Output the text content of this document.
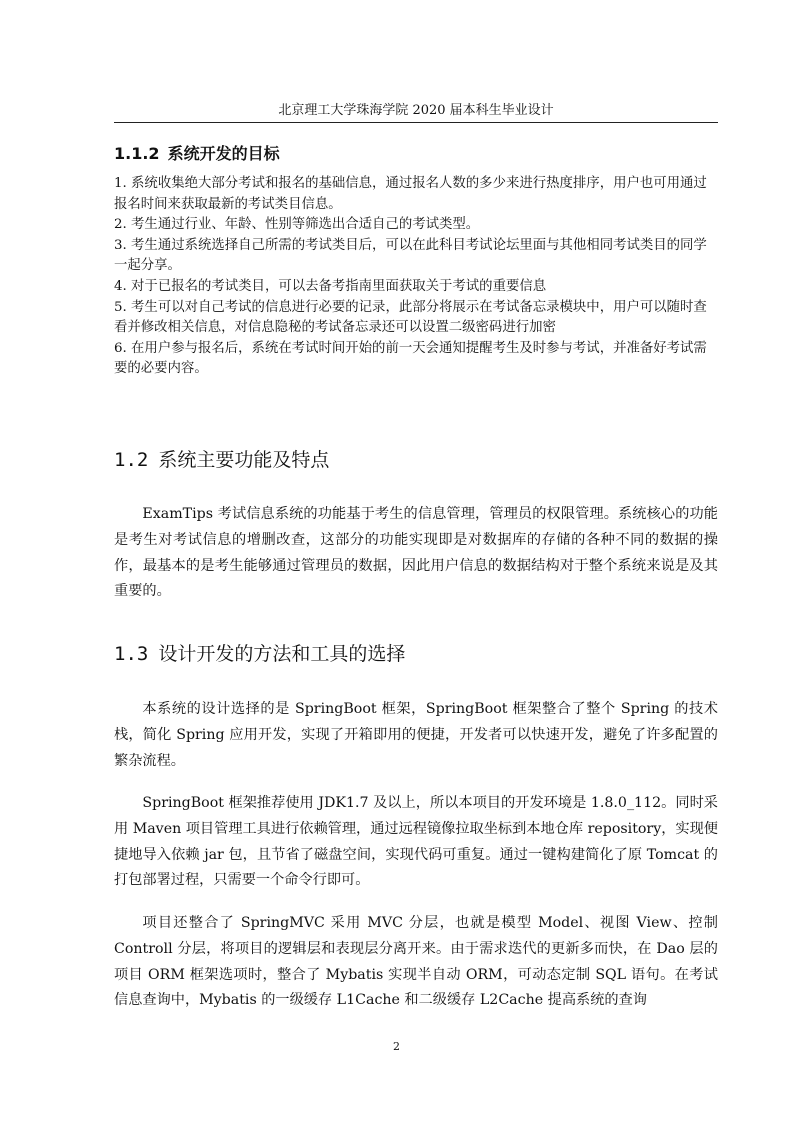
北京理工大学珠海学院 2020 届本科生毕业设计
1.1.2 系统开发的目标
1. 系统收集绝大部分考试和报名的基础信息，通过报名人数的多少来进行热度排序，用户也可用通过报名时间来获取最新的考试类目信息。
2. 考生通过行业、年龄、性别等筛选出合适自己的考试类型。
3. 考生通过系统选择自己所需的考试类目后，可以在此科目考试论坛里面与其他相同考试类目的同学一起分享。
4. 对于已报名的考试类目，可以去备考指南里面获取关于考试的重要信息
5. 考生可以对自己考试的信息进行必要的记录，此部分将展示在考试备忘录模块中，用户可以随时查看并修改相关信息，对信息隐秘的考试备忘录还可以设置二级密码进行加密
6. 在用户参与报名后，系统在考试时间开始的前一天会通知提醒考生及时参与考试，并准备好考试需要的必要内容。
1.2 系统主要功能及特点

ExamTips 考试信息系统的功能基于考生的信息管理，管理员的权限管理。系统核心的功能是考生对考试信息的增删改查，这部分的功能实现即是对数据库的存储的各种不同的数据的操作，最基本的是考生能够通过管理员的数据，因此用户信息的数据结构对于整个系统来说是及其重要的。

1.3 设计开发的方法和工具的选择

本系统的设计选择的是 SpringBoot 框架，SpringBoot 框架整合了整个 Spring 的技术栈，简化 Spring 应用开发，实现了开箱即用的便捷，开发者可以快速开发，避免了许多配置的繁杂流程。

SpringBoot 框架推荐使用 JDK1.7 及以上，所以本项目的开发环境是 1.8.0_112。同时采用 Maven 项目管理工具进行依赖管理，通过远程镜像拉取坐标到本地仓库 repository，实现便捷地导入依赖 jar 包，且节省了磁盘空间，实现代码可重复。通过一键构建简化了原 Tomcat 的打包部署过程，只需要一个命令行即可。

项目还整合了 SpringMVC 采用 MVC 分层，也就是模型 Model、视图 View、控制 Controll 分层，将项目的逻辑层和表现层分离开来。由于需求迭代的更新多而快，在 Dao 层的项目 ORM 框架选项时，整合了 Mybatis 实现半自动 ORM，可动态定制 SQL 语句。在考试信息查询中，Mybatis 的一级缓存 L1Cache 和二级缓存 L2Cache 提高系统的查询

2
